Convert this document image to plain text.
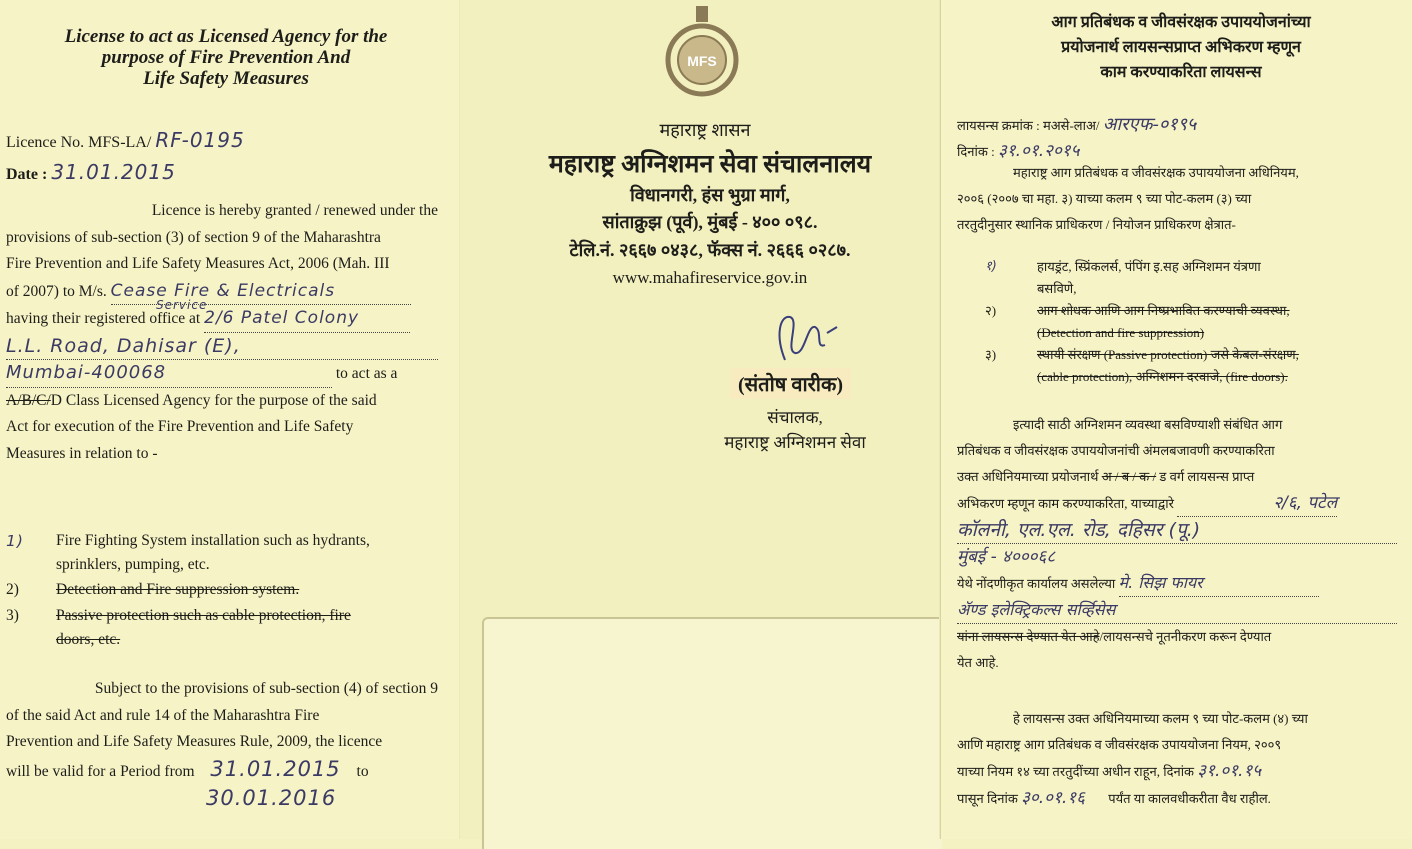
License to act as Licensed Agency for the
purpose of Fire Prevention And
Life Safety Measures
Licence No. MFS-LA/ RF-0195
Date : 31.01.2015
Licence is hereby granted / renewed under the
provisions of sub-section (3) of section 9 of the Maharashtra
Fire Prevention and Life Safety Measures Act, 2006 (Mah. III
of 2007) to M/s. Cease Fire & Electricals
Service
having their registered office at 2/6 Patel Colony
L.L. Road, Dahisar (E),
Mumbai-400068	to act as a
A/B/C/D Class Licensed Agency for the purpose of the said
Act for execution of the Fire Prevention and Life Safety
Measures in relation to -
1) Fire Fighting System installation such as hydrants,
sprinklers, pumping, etc.
2) Detection and Fire suppression system.
3) Passive protection such as cable protection, fire
doors, etc.
Subject to the provisions of sub-section (4) of section 9
of the said Act and rule 14 of the Maharashtra Fire
Prevention and Life Safety Measures Rule, 2009, the licence
will be valid for a Period from 31.01.2015 to
30.01.2016
MFS
महाराष्ट्र शासन
महाराष्ट्र अग्निशमन सेवा संचालनालय
विधानगरी, हंस भुग्रा मार्ग,
सांताक्रुझ (पूर्व), मुंबई - ४०० ०९८.
टेलि.नं. २६६७ ०४३८, फॅक्स नं. २६६६ ०२८७.
www.mahafireservice.gov.in
(संतोष वारीक)
संचालक,
महाराष्ट्र अग्निशमन सेवा
आग प्रतिबंधक व जीवसंरक्षक उपाययोजनांच्या
प्रयोजनार्थ लायसन्सप्राप्त अभिकरण म्हणून
काम करण्याकरिता लायसन्स
लायसन्स क्रमांक : मअसे-लाअ/ आरएफ-०१९५
दिनांक : ३१.०१.२०१५
महाराष्ट्र आग प्रतिबंधक व जीवसंरक्षक उपाययोजना अधिनियम,
२००६ (२००७ चा महा. ३) याच्या कलम ९ च्या पोट-कलम (३) च्या
तरतुदीनुसार स्थानिक प्राधिकरण / नियोजन प्राधिकरण क्षेत्रात-
१)	हायड्रंट, स्प्रिंकलर्स, पंपिंग इ.सह अग्निशमन यंत्रणा
बसविणे,
२)	आग शोधक आणि आग निष्प्रभावित करण्याची व्यवस्था,
(Detection and fire suppression)
३)	स्थायी संरक्षण (Passive protection) जसे केबल-संरक्षण,
(cable protection), अग्निशमन दरवाजे, (fire doors).
इत्यादी साठी अग्निशमन व्यवस्था बसविण्याशी संबंधित आग
प्रतिबंधक व जीवसंरक्षक उपाययोजनांची अंमलबजावणी करण्याकरिता
उक्त अधिनियमाच्या प्रयोजनार्थ अ / ब / क / ड वर्ग लायसन्स प्राप्त
अभिकरण म्हणून काम करण्याकरिता, याच्याद्वारे	२/६, पटेल
कॉलनी, एल.एल. रोड, दहिसर (पू.)
मुंबई - ४०००६८
येथे नोंदणीकृत कार्यालय असलेल्या मे. सिझ फायर
ॲण्ड इलेक्ट्रिकल्स सर्व्हिसेस
यांना लायसन्स देण्यात येत आहे/लायसन्सचे नूतनीकरण करून देण्यात
येत आहे.
हे लायसन्स उक्त अधिनियमाच्या कलम ९ च्या पोट-कलम (४) च्या
आणि महाराष्ट्र आग प्रतिबंधक व जीवसंरक्षक उपाययोजना नियम, २००९
याच्या नियम १४ च्या तरतुदींच्या अधीन राहून, दिनांक ३१.०१.१५
पासून दिनांक ३०.०१.१६ पर्यंत या कालवधीकरीता वैध राहील.
